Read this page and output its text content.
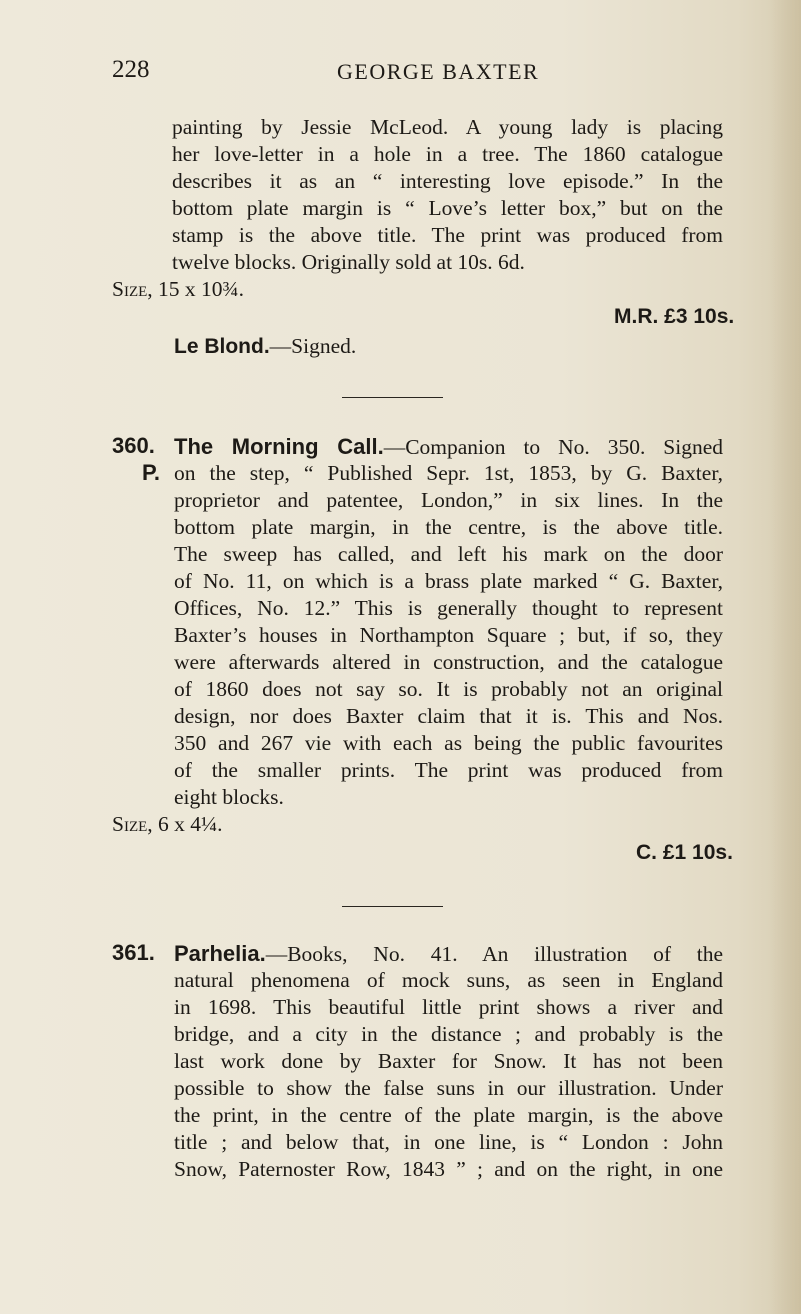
228	GEORGE BAXTER
painting by Jessie McLeod. A young lady is placing
her love-letter in a hole in a tree. The 1860 catalogue
describes it as an “ interesting love episode.” In the
bottom plate margin is “ Love’s letter box,” but on the
stamp is the above title. The print was produced from
twelve blocks. Originally sold at 10s. 6d.
Size, 15 x 10¾.
M.R. £3 10s.
Le Blond.—Signed.
360.
P.
The Morning Call.—Companion to No. 350. Signed
on the step, “ Published Sepr. 1st, 1853, by G. Baxter,
proprietor and patentee, London,” in six lines. In the
bottom plate margin, in the centre, is the above title.
The sweep has called, and left his mark on the door
of No. 11, on which is a brass plate marked “ G. Baxter,
Offices, No. 12.” This is generally thought to represent
Baxter’s houses in Northampton Square ; but, if so, they
were afterwards altered in construction, and the catalogue
of 1860 does not say so. It is probably not an original
design, nor does Baxter claim that it is. This and Nos.
350 and 267 vie with each as being the public favourites
of the smaller prints. The print was produced from
eight blocks.
Size, 6 x 4¼.
C. £1 10s.
361. Parhelia.—Books, No. 41. An illustration of the
natural phenomena of mock suns, as seen in England
in 1698. This beautiful little print shows a river and
bridge, and a city in the distance ; and probably is the
last work done by Baxter for Snow. It has not been
possible to show the false suns in our illustration. Under
the print, in the centre of the plate margin, is the above
title ; and below that, in one line, is “ London : John
Snow, Paternoster Row, 1843 ” ; and on the right, in one
